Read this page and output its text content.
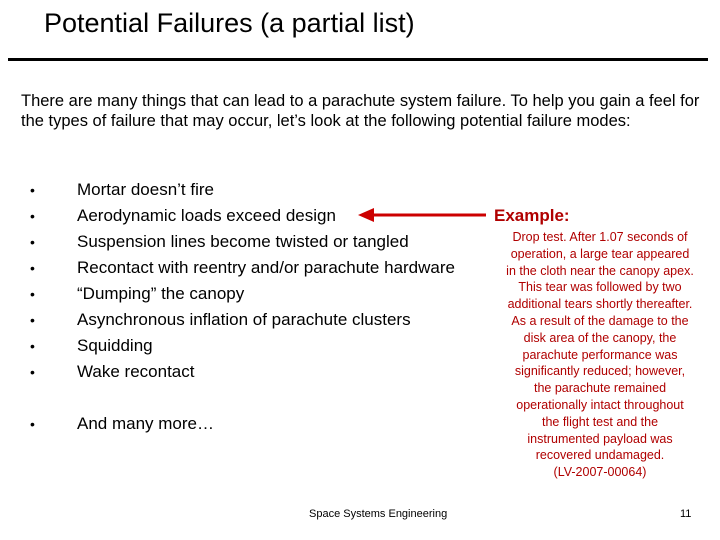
Potential Failures (a partial list)
There are many things that can lead to a parachute system failure. To help you gain a feel for the types of failure that may occur, let’s look at the following potential failure modes:
•	Mortar doesn’t fire
•	Aerodynamic loads exceed design
•	Suspension lines become twisted or tangled
•	Recontact with reentry and/or parachute hardware
•	“Dumping” the canopy
•	Asynchronous inflation of parachute clusters
•	Squidding
•	Wake recontact
•	And many more…
Example:
Drop test. After 1.07 seconds of
operation, a large tear appeared
in the cloth near the canopy apex.
This tear was followed by two
additional tears shortly thereafter.
As a result of the damage to the
disk area of the canopy, the
parachute performance was
significantly reduced; however,
the parachute remained
operationally intact throughout
the flight test and the
instrumented payload was
recovered undamaged.
(LV-2007-00064)
Space Systems Engineering	11
